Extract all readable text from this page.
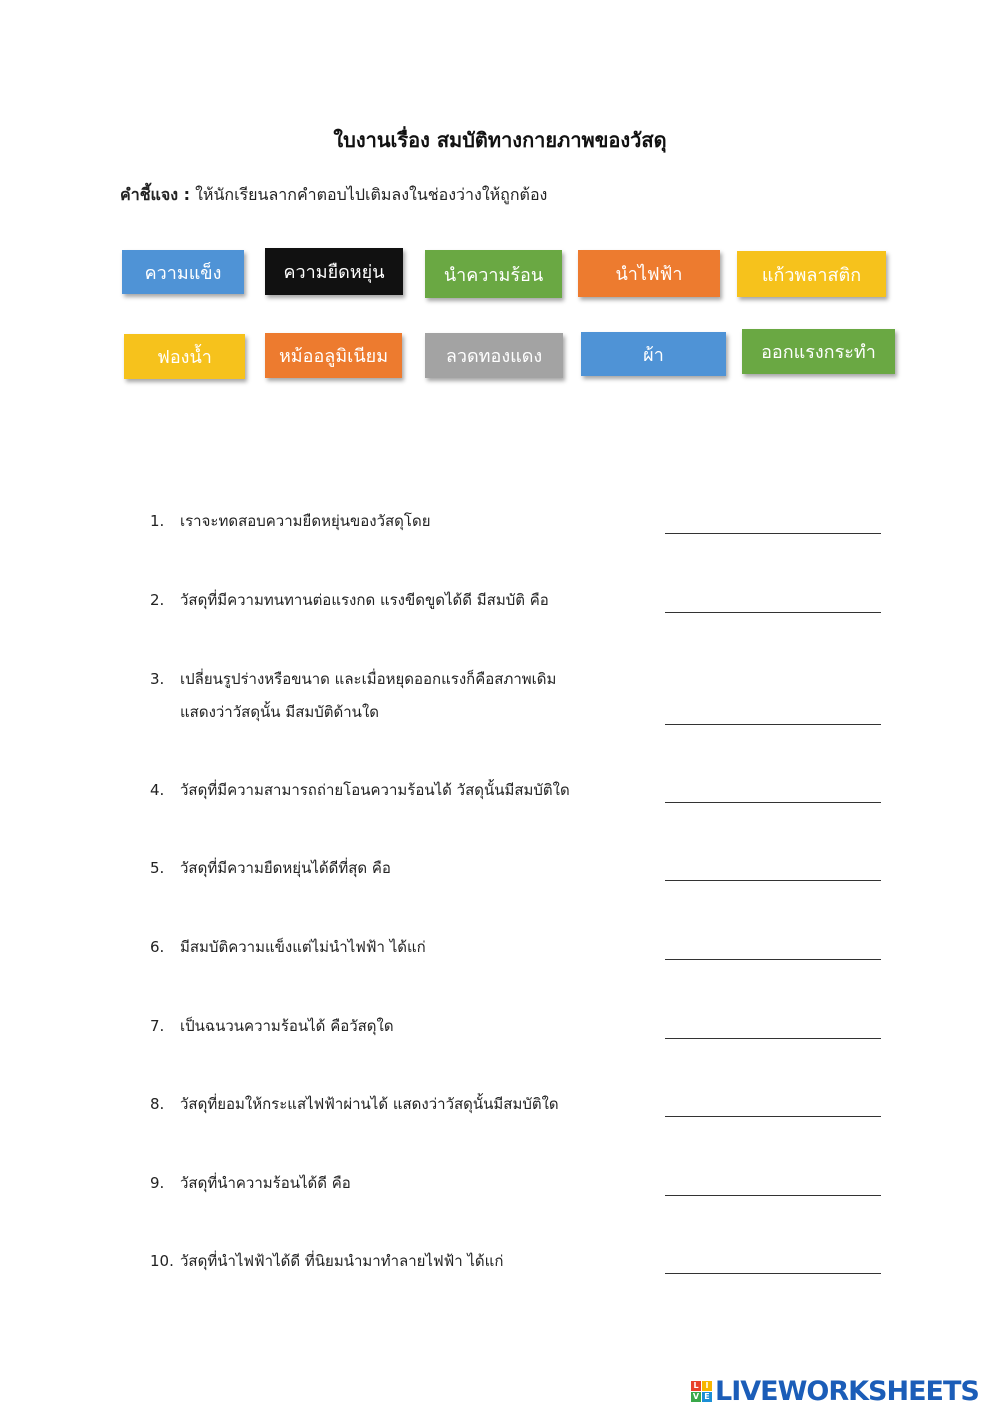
ใบงานเรื่อง สมบัติทางกายภาพของวัสดุ
คำชี้แจง : ให้นักเรียนลากคำตอบไปเติมลงในช่องว่างให้ถูกต้อง
ความแข็ง	ความยืดหยุ่น	นำความร้อน	นำไฟฟ้า	แก้วพลาสติก
ฟองน้ำ	หม้ออลูมิเนียม	ลวดทองแดง	ผ้า	ออกแรงกระทำ
1. เราจะทดสอบความยืดหยุ่นของวัสดุโดย
2. วัสดุที่มีความทนทานต่อแรงกด แรงขีดขูดได้ดี มีสมบัติ คือ
3. เปลี่ยนรูปร่างหรือขนาด และเมื่อหยุดออกแรงก็คือสภาพเดิม
แสดงว่าวัสดุนั้น มีสมบัติด้านใด
4. วัสดุที่มีความสามารถถ่ายโอนความร้อนได้ วัสดุนั้นมีสมบัติใด
5. วัสดุที่มีความยืดหยุ่นได้ดีที่สุด คือ
6. มีสมบัติความแข็งแต่ไม่นำไฟฟ้า ได้แก่
7. เป็นฉนวนความร้อนได้ คือวัสดุใด
8. วัสดุที่ยอมให้กระแสไฟฟ้าผ่านได้ แสดงว่าวัสดุนั้นมีสมบัติใด
9. วัสดุที่นำความร้อนได้ดี คือ
10. วัสดุที่นำไฟฟ้าได้ดี ที่นิยมนำมาทำลายไฟฟ้า ได้แก่
L I
V E LIVEWORKSHEETS
